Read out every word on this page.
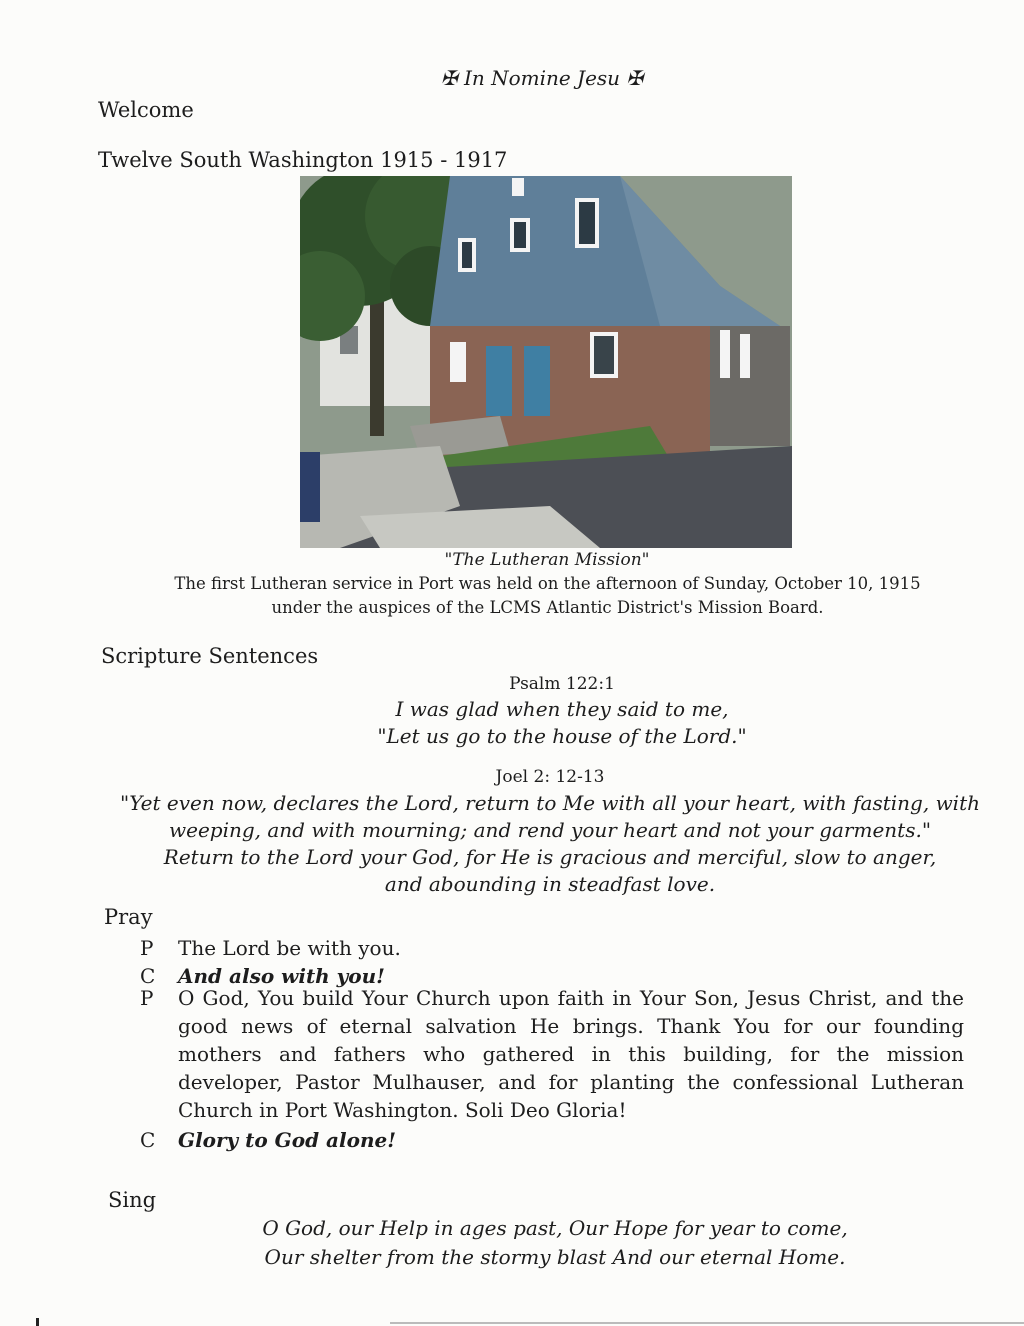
✠ In Nomine Jesu ✠
Welcome
Twelve South Washington 1915 - 1917
"The Lutheran Mission"
The first Lutheran service in Port was held on the afternoon of Sunday, October 10, 1915
under the auspices of the LCMS Atlantic District's Mission Board.
Scripture Sentences
Psalm 122:1
I was glad when they said to me,
"Let us go to the house of the Lord."
Joel 2: 12-13
"Yet even now, declares the Lord, return to Me with all your heart, with fasting, with
weeping, and with mourning; and rend your heart and not your garments."
Return to the Lord your God, for He is gracious and merciful, slow to anger,
and abounding in steadfast love.
Pray
P	The Lord be with you.
C	And also with you!
P	O God, You build Your Church upon faith in Your Son, Jesus Christ, and the good news of eternal salvation He brings. Thank You for our founding mothers and fathers who gathered in this building, for the mission developer, Pastor Mulhauser, and for planting the confessional Lutheran Church in Port Washington. Soli Deo Gloria!
C	Glory to God alone!
Sing
O God, our Help in ages past, Our Hope for year to come,
Our shelter from the stormy blast And our eternal Home.
